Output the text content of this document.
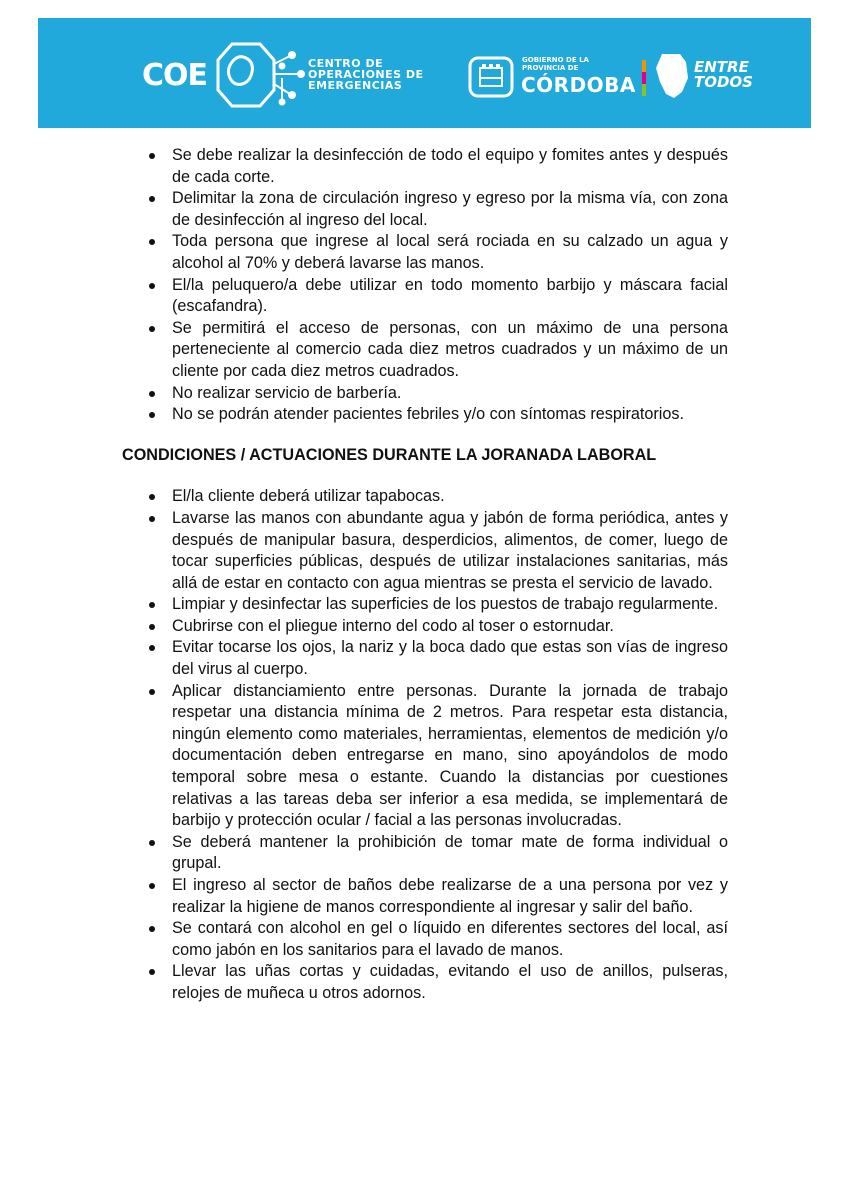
COE	CENTRO DE
OPERACIONES DE
EMERGENCIAS
GOBIERNO DE LA
PROVINCIA DE
CÓRDOBA
ENTRE
TODOS
Se debe realizar la desinfección de todo el equipo y fomites antes y después de cada corte.
Delimitar la zona de circulación ingreso y egreso por la misma vía, con zona de desinfección al ingreso del local.
Toda persona que ingrese al local será rociada en su calzado un agua y alcohol al 70% y deberá lavarse las manos.
El/la peluquero/a debe utilizar en todo momento barbijo y máscara facial (escafandra).
Se permitirá el acceso de personas, con un máximo de una persona perteneciente al comercio cada diez metros cuadrados y un máximo de un cliente por cada diez metros cuadrados.
No realizar servicio de barbería.
No se podrán atender pacientes febriles y/o con síntomas respiratorios.
CONDICIONES / ACTUACIONES DURANTE LA JORANADA LABORAL
El/la cliente deberá utilizar tapabocas.
Lavarse las manos con abundante agua y jabón de forma periódica, antes y después de manipular basura, desperdicios, alimentos, de comer, luego de tocar superficies públicas, después de utilizar instalaciones sanitarias, más allá de estar en contacto con agua mientras se presta el servicio de lavado.
Limpiar y desinfectar las superficies de los puestos de trabajo regularmente.
Cubrirse con el pliegue interno del codo al toser o estornudar.
Evitar tocarse los ojos, la nariz y la boca dado que estas son vías de ingreso del virus al cuerpo.
Aplicar distanciamiento entre personas. Durante la jornada de trabajo respetar una distancia mínima de 2 metros. Para respetar esta distancia, ningún elemento como materiales, herramientas, elementos de medición y/o documentación deben entregarse en mano, sino apoyándolos de modo temporal sobre mesa o estante. Cuando la distancias por cuestiones relativas a las tareas deba ser inferior a esa medida, se implementará de barbijo y protección ocular / facial a las personas involucradas.
Se deberá mantener la prohibición de tomar mate de forma individual o grupal.
El ingreso al sector de baños debe realizarse de a una persona por vez y realizar la higiene de manos correspondiente al ingresar y salir del baño.
Se contará con alcohol en gel o líquido en diferentes sectores del local, así como jabón en los sanitarios para el lavado de manos.
Llevar las uñas cortas y cuidadas, evitando el uso de anillos, pulseras, relojes de muñeca u otros adornos.
